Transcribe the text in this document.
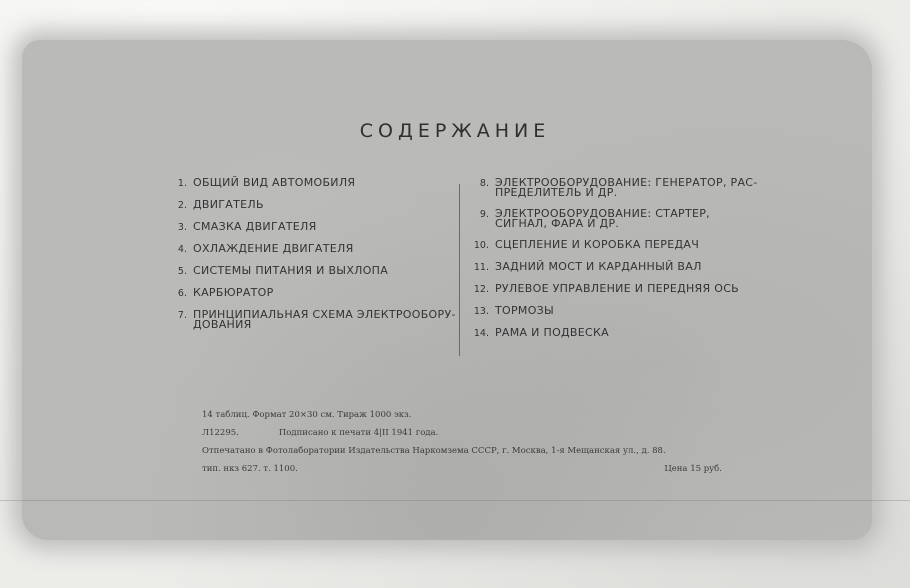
СОДЕРЖАНИЕ
1. ОБЩИЙ ВИД АВТОМОБИЛЯ
2. ДВИГАТЕЛЬ
3. СМАЗКА ДВИГАТЕЛЯ
4. ОХЛАЖДЕНИЕ ДВИГАТЕЛЯ
5. СИСТЕМЫ ПИТАНИЯ И ВЫХЛОПА
6. КАРБЮРАТОР
7. ПРИНЦИПИАЛЬНАЯ СХЕМА ЭЛЕКТРООБОРУ- ДОВАНИЯ
8. ЭЛЕКТРООБОРУДОВАНИЕ: ГЕНЕРАТОР, РАС- ПРЕДЕЛИТЕЛЬ И ДР.
9. ЭЛЕКТРООБОРУДОВАНИЕ: СТАРТЕР, СИГНАЛ, ФАРА И ДР.
10. СЦЕПЛЕНИЕ И КОРОБКА ПЕРЕДАЧ
11. ЗАДНИЙ МОСТ И КАРДАННЫЙ ВАЛ
12. РУЛЕВОЕ УПРАВЛЕНИЕ И ПЕРЕДНЯЯ ОСЬ
13. ТОРМОЗЫ
14. РАМА И ПОДВЕСКА
14 таблиц. Формат 20×30 см. Тираж 1000 экз.
Л12295.	Подписано к печати 4|II 1941 года.
Отпечатано в Фотолаборатории Издательства Наркомзема СССР, г. Москва, 1-я Мещанская ул., д. 88.
тип. нкз 627. т. 1100.	Цена 15 руб.
